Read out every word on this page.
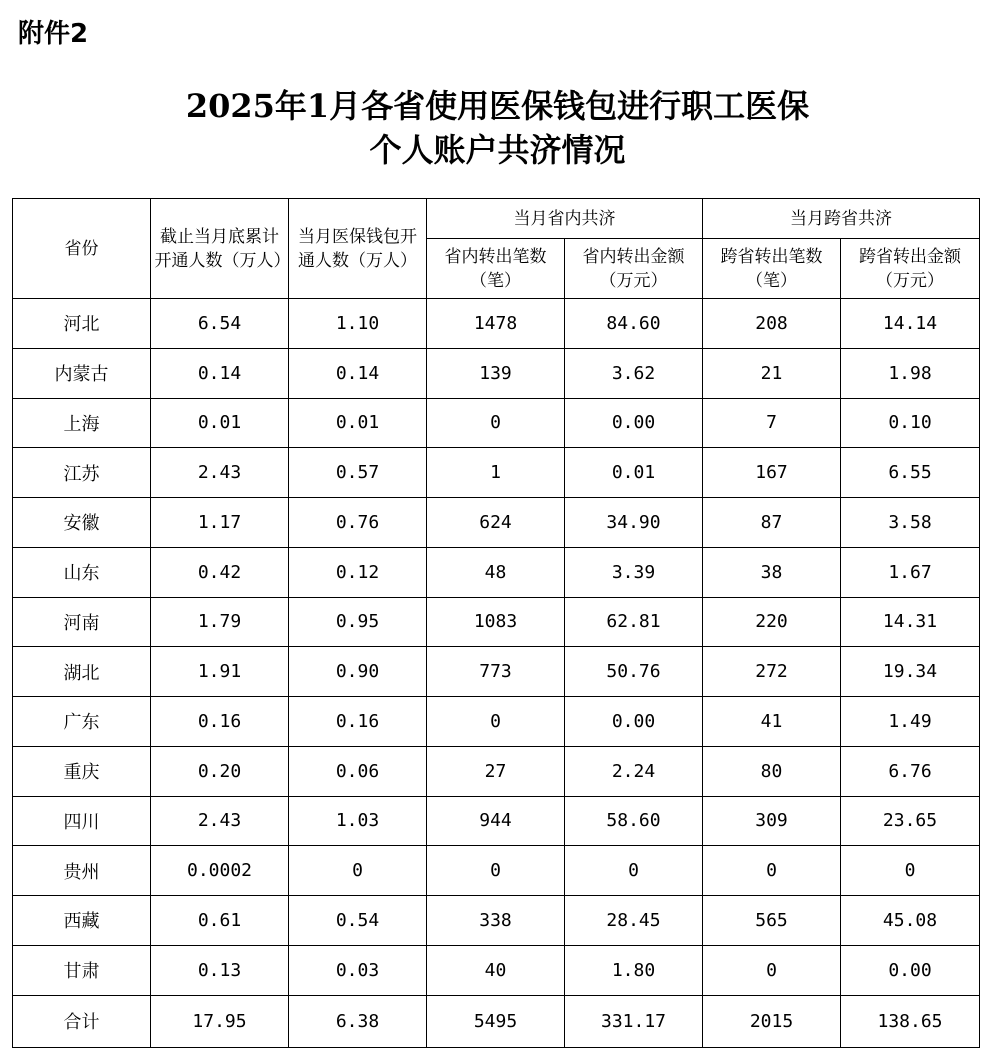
附件2
2025年1月各省使用医保钱包进行职工医保
个人账户共济情况
省份	截止当月底累计开通人数（万人）	当月医保钱包开通人数（万人）	当月省内共济		当月跨省共济	
			省内转出笔数（笔）	省内转出金额（万元）	跨省转出笔数（笔）	跨省转出金额（万元）
河北	6.54	1.10	1478	84.60	208	14.14
内蒙古	0.14	0.14	139	3.62	21	1.98
上海	0.01	0.01	0	0.00	7	0.10
江苏	2.43	0.57	1	0.01	167	6.55
安徽	1.17	0.76	624	34.90	87	3.58
山东	0.42	0.12	48	3.39	38	1.67
河南	1.79	0.95	1083	62.81	220	14.31
湖北	1.91	0.90	773	50.76	272	19.34
广东	0.16	0.16	0	0.00	41	1.49
重庆	0.20	0.06	27	2.24	80	6.76
四川	2.43	1.03	944	58.60	309	23.65
贵州	0.0002	0	0	0	0	0
西藏	0.61	0.54	338	28.45	565	45.08
甘肃	0.13	0.03	40	1.80	0	0.00
合计	17.95	6.38	5495	331.17	2015	138.65
